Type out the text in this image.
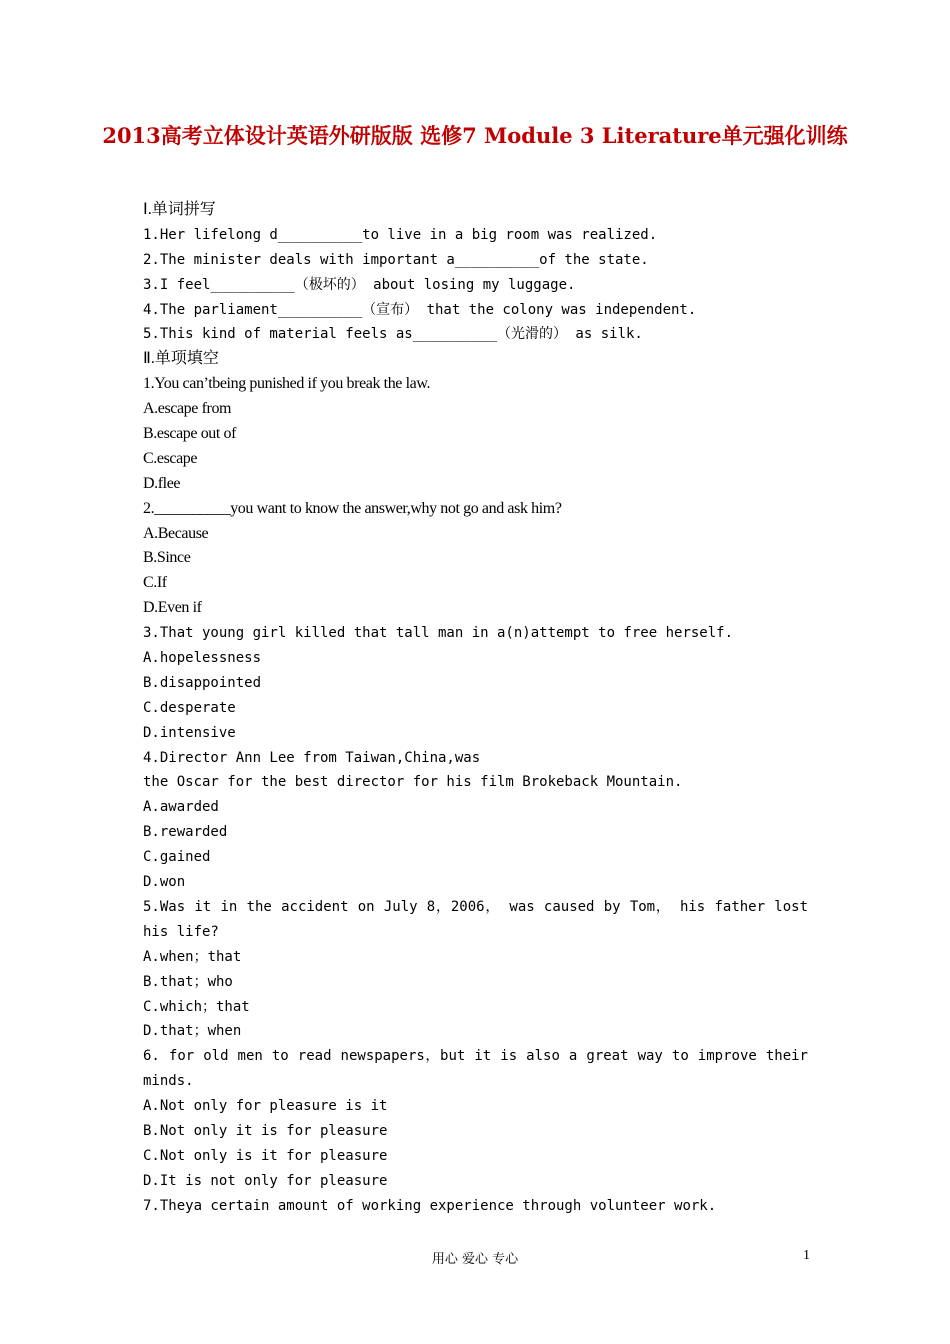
2013高考立体设计英语外研版版 选修7 Module 3 Literature单元强化训练
Ⅰ.单词拼写
1.Her lifelong d__________to live in a big room was realized.
2.The minister deals with important a__________of the state.
3.I feel__________（极坏的） about losing my luggage.
4.The parliament__________（宣布） that the colony was independent.
5.This kind of material feels as__________（光滑的） as silk.
Ⅱ.单项填空
1.You can’tbeing punished if you break the law.
A.escape from
B.escape out of
C.escape
D.flee
2.__________you want to know the answer,why not go and ask him?
A.Because
B.Since
C.If
D.Even if
3.That young girl killed that tall man in a(n)attempt to free herself.
A.hopelessness
B.disappointed
C.desperate
D.intensive
4.Director Ann Lee from Taiwan,China,was
the Oscar for the best director for his film Brokeback Mountain.
A.awarded
B.rewarded
C.gained
D.won
5.Was it in the accident on July 8，2006， was caused by Tom， his father lost his life?
A.when；that
B.that；who
C.which；that
D.that；when
6. for old men to read newspapers，but it is also a great way to improve their minds.
A.Not only for pleasure is it
B.Not only it is for pleasure
C.Not only is it for pleasure
D.It is not only for pleasure
7.Theya certain amount of working experience through volunteer work.
用心 爱心 专心	1
